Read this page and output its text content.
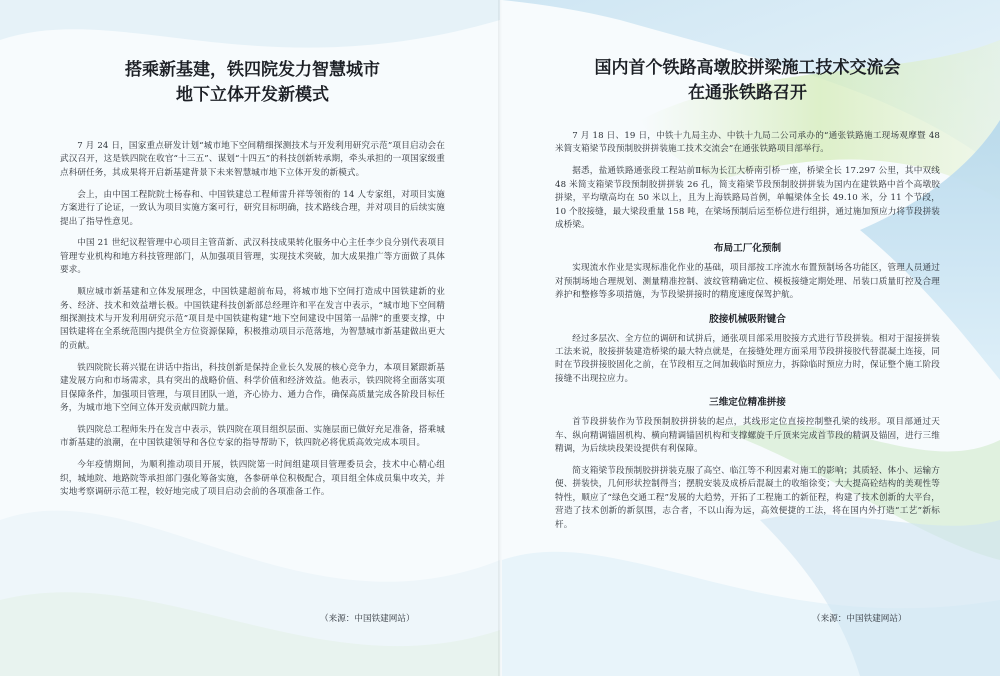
搭乘新基建，铁四院发力智慧城市
地下立体开发新模式

7 月 24 日，国家重点研发计划“城市地下空间精细探测技术与开发利用研究示范”项目启动会在武汉召开，这是铁四院在收官“十三五”、谋划“十四五”的科技创新转承期，牵头承担的一项国家级重点科研任务，其成果将开启新基建背景下未来智慧城市地下立体开发的新模式。

会上，由中国工程院院士杨春和、中国铁建总工程师雷升祥等领衔的 14 人专家组，对项目实施方案进行了论证，一致认为项目实施方案可行，研究目标明确，技术路线合理，并对项目的后续实施提出了指导性意见。

中国 21 世纪议程管理中心项目主管苗新、武汉科技成果转化服务中心主任李少良分别代表项目管理专业机构和地方科技管理部门，从加强项目管理，实现技术突破，加大成果推广等方面做了具体要求。

顺应城市新基建和立体发展理念，中国铁建超前布局，将城市地下空间打造成中国铁建新的业务、经济、技术和效益增长极。中国铁建科技创新部总经理许和平在发言中表示，“城市地下空间精细探测技术与开发利用研究示范”项目是中国铁建构建“地下空间建设中国第一品牌”的重要支撑，中国铁建将在全系统范围内提供全方位资源保障，积极推动项目示范落地，为智慧城市新基建做出更大的贡献。

铁四院院长蒋兴锟在讲话中指出，科技创新是保持企业长久发展的核心竞争力，本项目紧跟新基建发展方向和市场需求，具有突出的战略价值、科学价值和经济效益。他表示，铁四院将全面落实项目保障条件，加强项目管理，与项目团队一道，齐心协力、通力合作，确保高质量完成各阶段目标任务，为城市地下空间立体开发贡献四院力量。

铁四院总工程师朱丹在发言中表示，铁四院在项目组织层面、实施层面已做好充足准备，搭乘城市新基建的浪潮，在中国铁建领导和各位专家的指导帮助下，铁四院必将优质高效完成本项目。

今年疫情期间，为顺利推动项目开展，铁四院第一时间组建项目管理委员会，技术中心精心组织，城地院、地路院等承担部门强化筹备实施，各参研单位积极配合，项目组全体成员集中攻关，并实地考察调研示范工程，较好地完成了项目启动会前的各项准备工作。

（来源：中国铁建网站）
国内首个铁路高墩胶拼梁施工技术交流会
在通张铁路召开

7 月 18 日、19 日，中铁十九局主办、中铁十九局二公司承办的“通张铁路施工现场观摩暨 48 米简支箱梁节段预制胶拼拼装施工技术交流会”在通张铁路项目部举行。

据悉，盐通铁路通张段工程站前Ⅱ标为长江大桥南引桥一座，桥梁全长 17.297 公里，其中双线 48 米简支箱梁节段预制胶拼拼装 26 孔，简支箱梁节段预制胶拼拼装为国内在建铁路中首个高墩胶拼梁，平均墩高均在 50 米以上，且为上海铁路局首例，单幅梁体全长 49.10 米，分 11 个节段，10 个胶接缝，最大梁段重量 158 吨，在梁场预制后运至桥位进行组拼，通过施加预应力将节段拼装成桥梁。

布局工厂化预制

实现流水作业是实现标准化作业的基础，项目部按工序流水布置预制场各功能区，管理人员通过对预制场地合理规划、测量精准控制、波纹管精确定位、模板接缝定期处理、吊装口质量盯控及合理养护和整修等多项措施，为节段梁拼接时的精度速度保驾护航。

胶接机械吸附键合

经过多层次、全方位的调研和试拼后，通张项目部采用胶接方式进行节段拼装。相对于湿接拼装工法来说，胶接拼装建造桥梁的最大特点就是，在接缝处理方面采用节段拼接胶代替混凝土连接，同时在节段拼接胶固化之前，在节段相互之间加载临时预应力，拆除临时预应力时，保证整个施工阶段接缝不出现拉应力。

三维定位精准拼接

首节段拼装作为节段预制胶拼拼装的起点，其线形定位直接控制整孔梁的线形。项目部通过天车、纵向精调锚固机构、横向精调锚固机构和支撑螺旋千斤顶来完成首节段的精调及锚固，进行三维精调，为后续块段架设提供有利保障。

简支箱梁节段预制胶拼拼装克服了高空、临江等不利因素对施工的影响；其质轻、体小、运输方便、拼装快，几何形状控制得当；摆脱安装及成桥后混凝土的收缩徐变；大大提高砼结构的美观性等特性，顺应了“绿色交通工程”发展的大趋势，开拓了工程施工的新征程，构建了技术创新的大平台，营造了技术创新的新氛围，志合者，不以山海为远，高效便捷的工法，将在国内外打造“工艺”新标杆。

（来源：中国铁建网站）
